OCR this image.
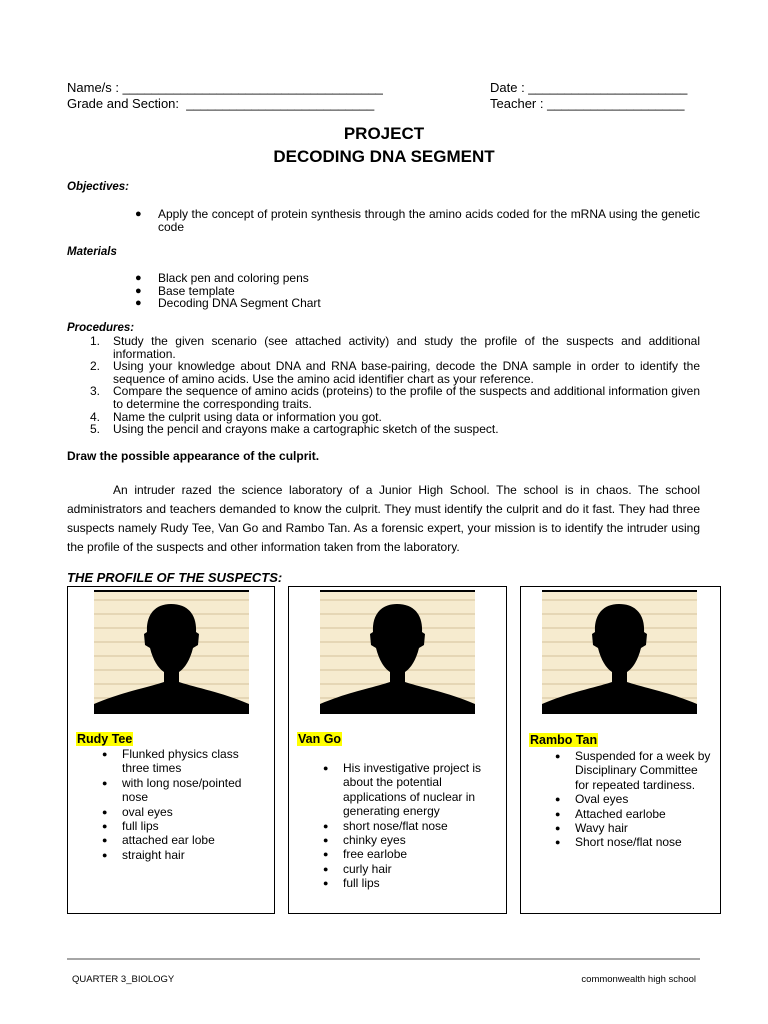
Name/s : ____________________________________	Date : ______________________
Grade and Section:  __________________________	Teacher : ___________________
PROJECT
DECODING DNA SEGMENT
Objectives:
● Apply the concept of protein synthesis through the amino acids coded for the mRNA using the genetic code
Materials
● Black pen and coloring pens
● Base template
● Decoding DNA Segment Chart
Procedures:
1. Study the given scenario (see attached activity) and study the profile of the suspects and additional information.
2. Using your knowledge about DNA and RNA base-pairing, decode the DNA sample in order to identify the sequence of amino acids. Use the amino acid identifier chart as your reference.
3. Compare the sequence of amino acids (proteins) to the profile of the suspects and additional information given to determine the corresponding traits.
4. Name the culprit using data or information you got.
5. Using the pencil and crayons make a cartographic sketch of the suspect.
Draw the possible appearance of the culprit.

An intruder razed the science laboratory of a Junior High School. The school is in chaos. The school administrators and teachers demanded to know the culprit. They must identify the culprit and do it fast. They had three suspects namely Rudy Tee, Van Go and Rambo Tan. As a forensic expert, your mission is to identify the intruder using the profile of the suspects and other information taken from the laboratory.

THE PROFILE OF THE SUSPECTS:
Rudy Tee
● Flunked physics class three times
● with long nose/pointed nose
● oval eyes
● full lips
● attached ear lobe
● straight hair
Van Go
● His investigative project is about the potential applications of nuclear in generating energy
● short nose/flat nose
● chinky eyes
● free earlobe
● curly hair
● full lips
Rambo Tan
● Suspended for a week by Disciplinary Committee for repeated tardiness.
● Oval eyes
● Attached earlobe
● Wavy hair
● Short nose/flat nose
QUARTER 3_BIOLOGY	commonwealth high school
